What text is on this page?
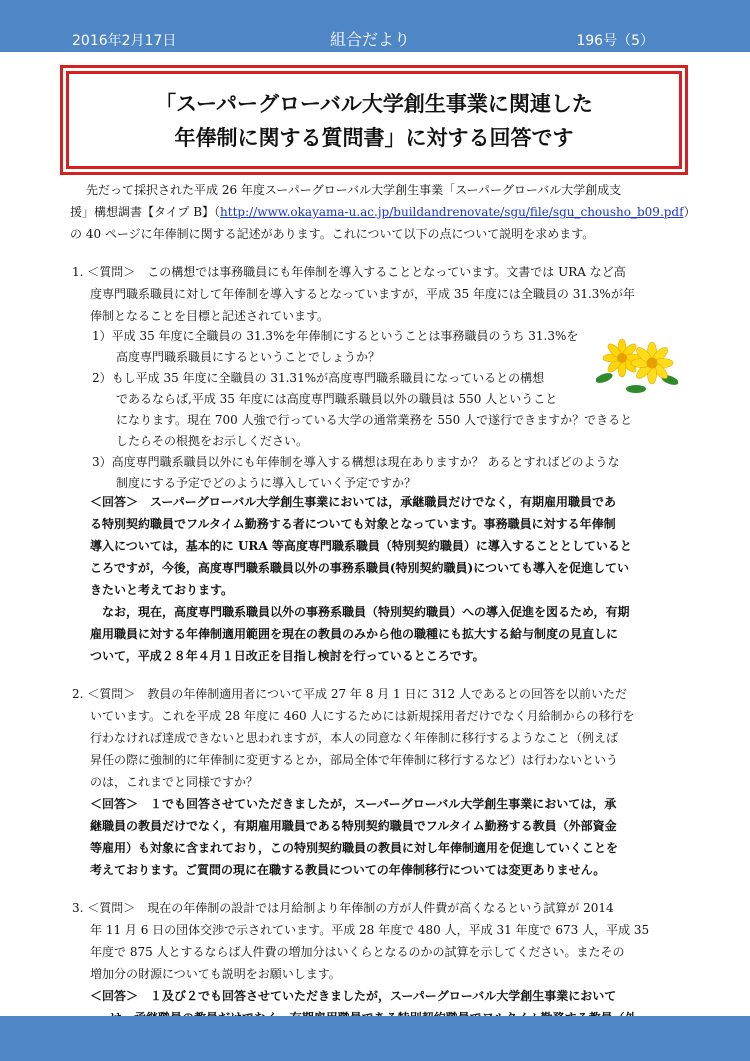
2016年2月17日	組合だより	196号（5）
「スーパーグローバル大学創生事業に関連した
年俸制に関する質問書」に対する回答です
先だって採択された平成 26 年度スーパーグローバル大学創生事業「スーパーグローバル大学創成支
援」構想調書【タイプ B】（http://www.okayama-u.ac.jp/buildandrenovate/sgu/file/sgu_chousho_b09.pdf）
の 40 ページに年俸制に関する記述があります。これについて以下の点について説明を求めます。
1. ＜質問＞　この構想では事務職員にも年俸制を導入することとなっています。文書では URA など高
度専門職系職員に対して年俸制を導入するとなっていますが，平成 35 年度には全職員の 31.3%が年
俸制となることを目標と記述されています。
1）平成 35 年度に全職員の 31.3%を年俸制にするということは事務職員のうち 31.3%を
高度専門職系職員にするということでしょうか？
2）もし平成 35 年度に全職員の 31.31%が高度専門職系職員になっているとの構想
であるならば,平成 35 年度には高度専門職系職員以外の職員は 550 人ということ
になります。現在 700 人強で行っている大学の通常業務を 550 人で遂行できますか？できると
したらその根拠をお示しください。
3）高度専門職系職員以外にも年俸制を導入する構想は現在ありますか？ あるとすればどのような
制度にする予定でどのように導入していく予定ですか？
＜回答＞　スーパーグローバル大学創生事業においては，承継職員だけでなく，有期雇用職員であ
る特別契約職員でフルタイム勤務する者についても対象となっています。事務職員に対する年俸制
導入については，基本的に URA 等高度専門職系職員（特別契約職員）に導入することとしていると
ころですが，今後，高度専門職系職員以外の事務系職員(特別契約職員)についても導入を促進してい
きたいと考えております。
　なお，現在，高度専門職系職員以外の事務系職員（特別契約職員）への導入促進を図るため，有期
雇用職員に対する年俸制適用範囲を現在の教員のみから他の職種にも拡大する給与制度の見直しに
ついて，平成２８年４月１日改正を目指し検討を行っているところです。
2. ＜質問＞　教員の年俸制適用者について平成 27 年 8 月 1 日に 312 人であるとの回答を以前いただ
いています。これを平成 28 年度に 460 人にするためには新規採用者だけでなく月給制からの移行を
行わなければ達成できないと思われますが，本人の同意なく年俸制に移行するようなこと（例えば
昇任の際に強制的に年俸制に変更するとか，部局全体で年俸制に移行するなど）は行わないという
のは，これまでと同様ですか？
＜回答＞　１でも回答させていただきましたが，スーパーグローバル大学創生事業においては，承
継職員の教員だけでなく，有期雇用職員である特別契約職員でフルタイム勤務する教員（外部資金
等雇用）も対象に含まれており，この特別契約職員の教員に対し年俸制適用を促進していくことを
考えております。ご質問の現に在職する教員についての年俸制移行については変更ありません。
3. ＜質問＞　現在の年俸制の設計では月給制より年俸制の方が人件費が高くなるという試算が 2014
年 11 月 6 日の団体交渉で示されています。平成 28 年度で 480 人，平成 31 年度で 673 人，平成 35
年度で 875 人とするならば人件費の増加分はいくらとなるのかの試算を示してください。またその
増加分の財源についても説明をお願いします。
＜回答＞　１及び２でも回答させていただきましたが，スーパーグローバル大学創生事業において
